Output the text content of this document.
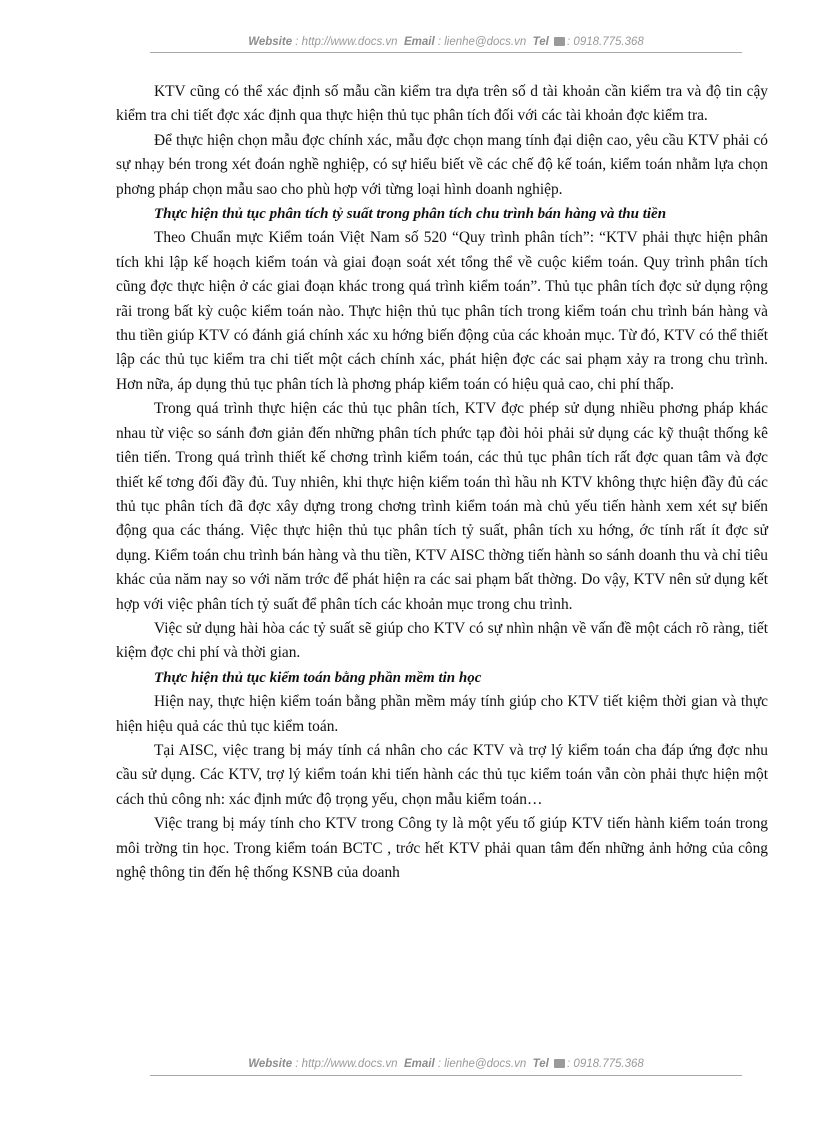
Website : http://www.docs.vn Email : lienhe@docs.vn Tel : 0918.775.368

KTV cũng có thể xác định số mẫu cần kiểm tra dựa trên số d tài khoản cần kiểm tra và độ tin cậy kiểm tra chi tiết đợc xác định qua thực hiện thủ tục phân tích đối với các tài khoản đợc kiểm tra.

Để thực hiện chọn mẫu đợc chính xác, mẫu đợc chọn mang tính đại diện cao, yêu cầu KTV phải có sự nhạy bén trong xét đoán nghề nghiệp, có sự hiểu biết về các chế độ kế toán, kiểm toán nhằm lựa chọn phơng pháp chọn mẫu sao cho phù hợp với từng loại hình doanh nghiệp.

Thực hiện thủ tục phân tích tỷ suất trong phân tích chu trình bán hàng và thu tiền

Theo Chuẩn mực Kiểm toán Việt Nam số 520 “Quy trình phân tích”: “KTV phải thực hiện phân tích khi lập kế hoạch kiểm toán và giai đoạn soát xét tổng thể về cuộc kiểm toán. Quy trình phân tích cũng đợc thực hiện ở các giai đoạn khác trong quá trình kiểm toán”. Thủ tục phân tích đợc sử dụng rộng rãi trong bất kỳ cuộc kiểm toán nào. Thực hiện thủ tục phân tích trong kiểm toán chu trình bán hàng và thu tiền giúp KTV có đánh giá chính xác xu hớng biến động của các khoản mục. Từ đó, KTV có thể thiết lập các thủ tục kiểm tra chi tiết một cách chính xác, phát hiện đợc các sai phạm xảy ra trong chu trình. Hơn nữa, áp dụng thủ tục phân tích là phơng pháp kiểm toán có hiệu quả cao, chi phí thấp.

Trong quá trình thực hiện các thủ tục phân tích, KTV đợc phép sử dụng nhiều phơng pháp khác nhau từ việc so sánh đơn giản đến những phân tích phức tạp đòi hỏi phải sử dụng các kỹ thuật thống kê tiên tiến. Trong quá trình thiết kế chơng trình kiểm toán, các thủ tục phân tích rất đợc quan tâm và đợc thiết kế tơng đối đầy đủ. Tuy nhiên, khi thực hiện kiểm toán thì hầu nh KTV không thực hiện đầy đủ các thủ tục phân tích đã đợc xây dựng trong chơng trình kiểm toán mà chủ yếu tiến hành xem xét sự biến động qua các tháng. Việc thực hiện thủ tục phân tích tỷ suất, phân tích xu hớng, ớc tính rất ít đợc sử dụng. Kiểm toán chu trình bán hàng và thu tiền, KTV AISC thờng tiến hành so sánh doanh thu và chỉ tiêu khác của năm nay so với năm trớc để phát hiện ra các sai phạm bất thờng. Do vậy, KTV nên sử dụng kết hợp với việc phân tích tỷ suất để phân tích các khoản mục trong chu trình.

Việc sử dụng hài hòa các tỷ suất sẽ giúp cho KTV có sự nhìn nhận về vấn đề một cách rõ ràng, tiết kiệm đợc chi phí và thời gian.

Thực hiện thủ tục kiểm toán bằng phần mềm tin học

Hiện nay, thực hiện kiểm toán bằng phần mềm máy tính giúp cho KTV tiết kiệm thời gian và thực hiện hiệu quả các thủ tục kiểm toán.

Tại AISC, việc trang bị máy tính cá nhân cho các KTV và trợ lý kiểm toán cha đáp ứng đợc nhu cầu sử dụng. Các KTV, trợ lý kiểm toán khi tiến hành các thủ tục kiểm toán vẫn còn phải thực hiện một cách thủ công nh: xác định mức độ trọng yếu, chọn mẫu kiểm toán…

Việc trang bị máy tính cho KTV trong Công ty là một yếu tố giúp KTV tiến hành kiểm toán trong môi trờng tin học. Trong kiểm toán BCTC , trớc hết KTV phải quan tâm đến những ảnh hởng của công nghệ thông tin đến hệ thống KSNB của doanh

Website : http://www.docs.vn Email : lienhe@docs.vn Tel : 0918.775.368
